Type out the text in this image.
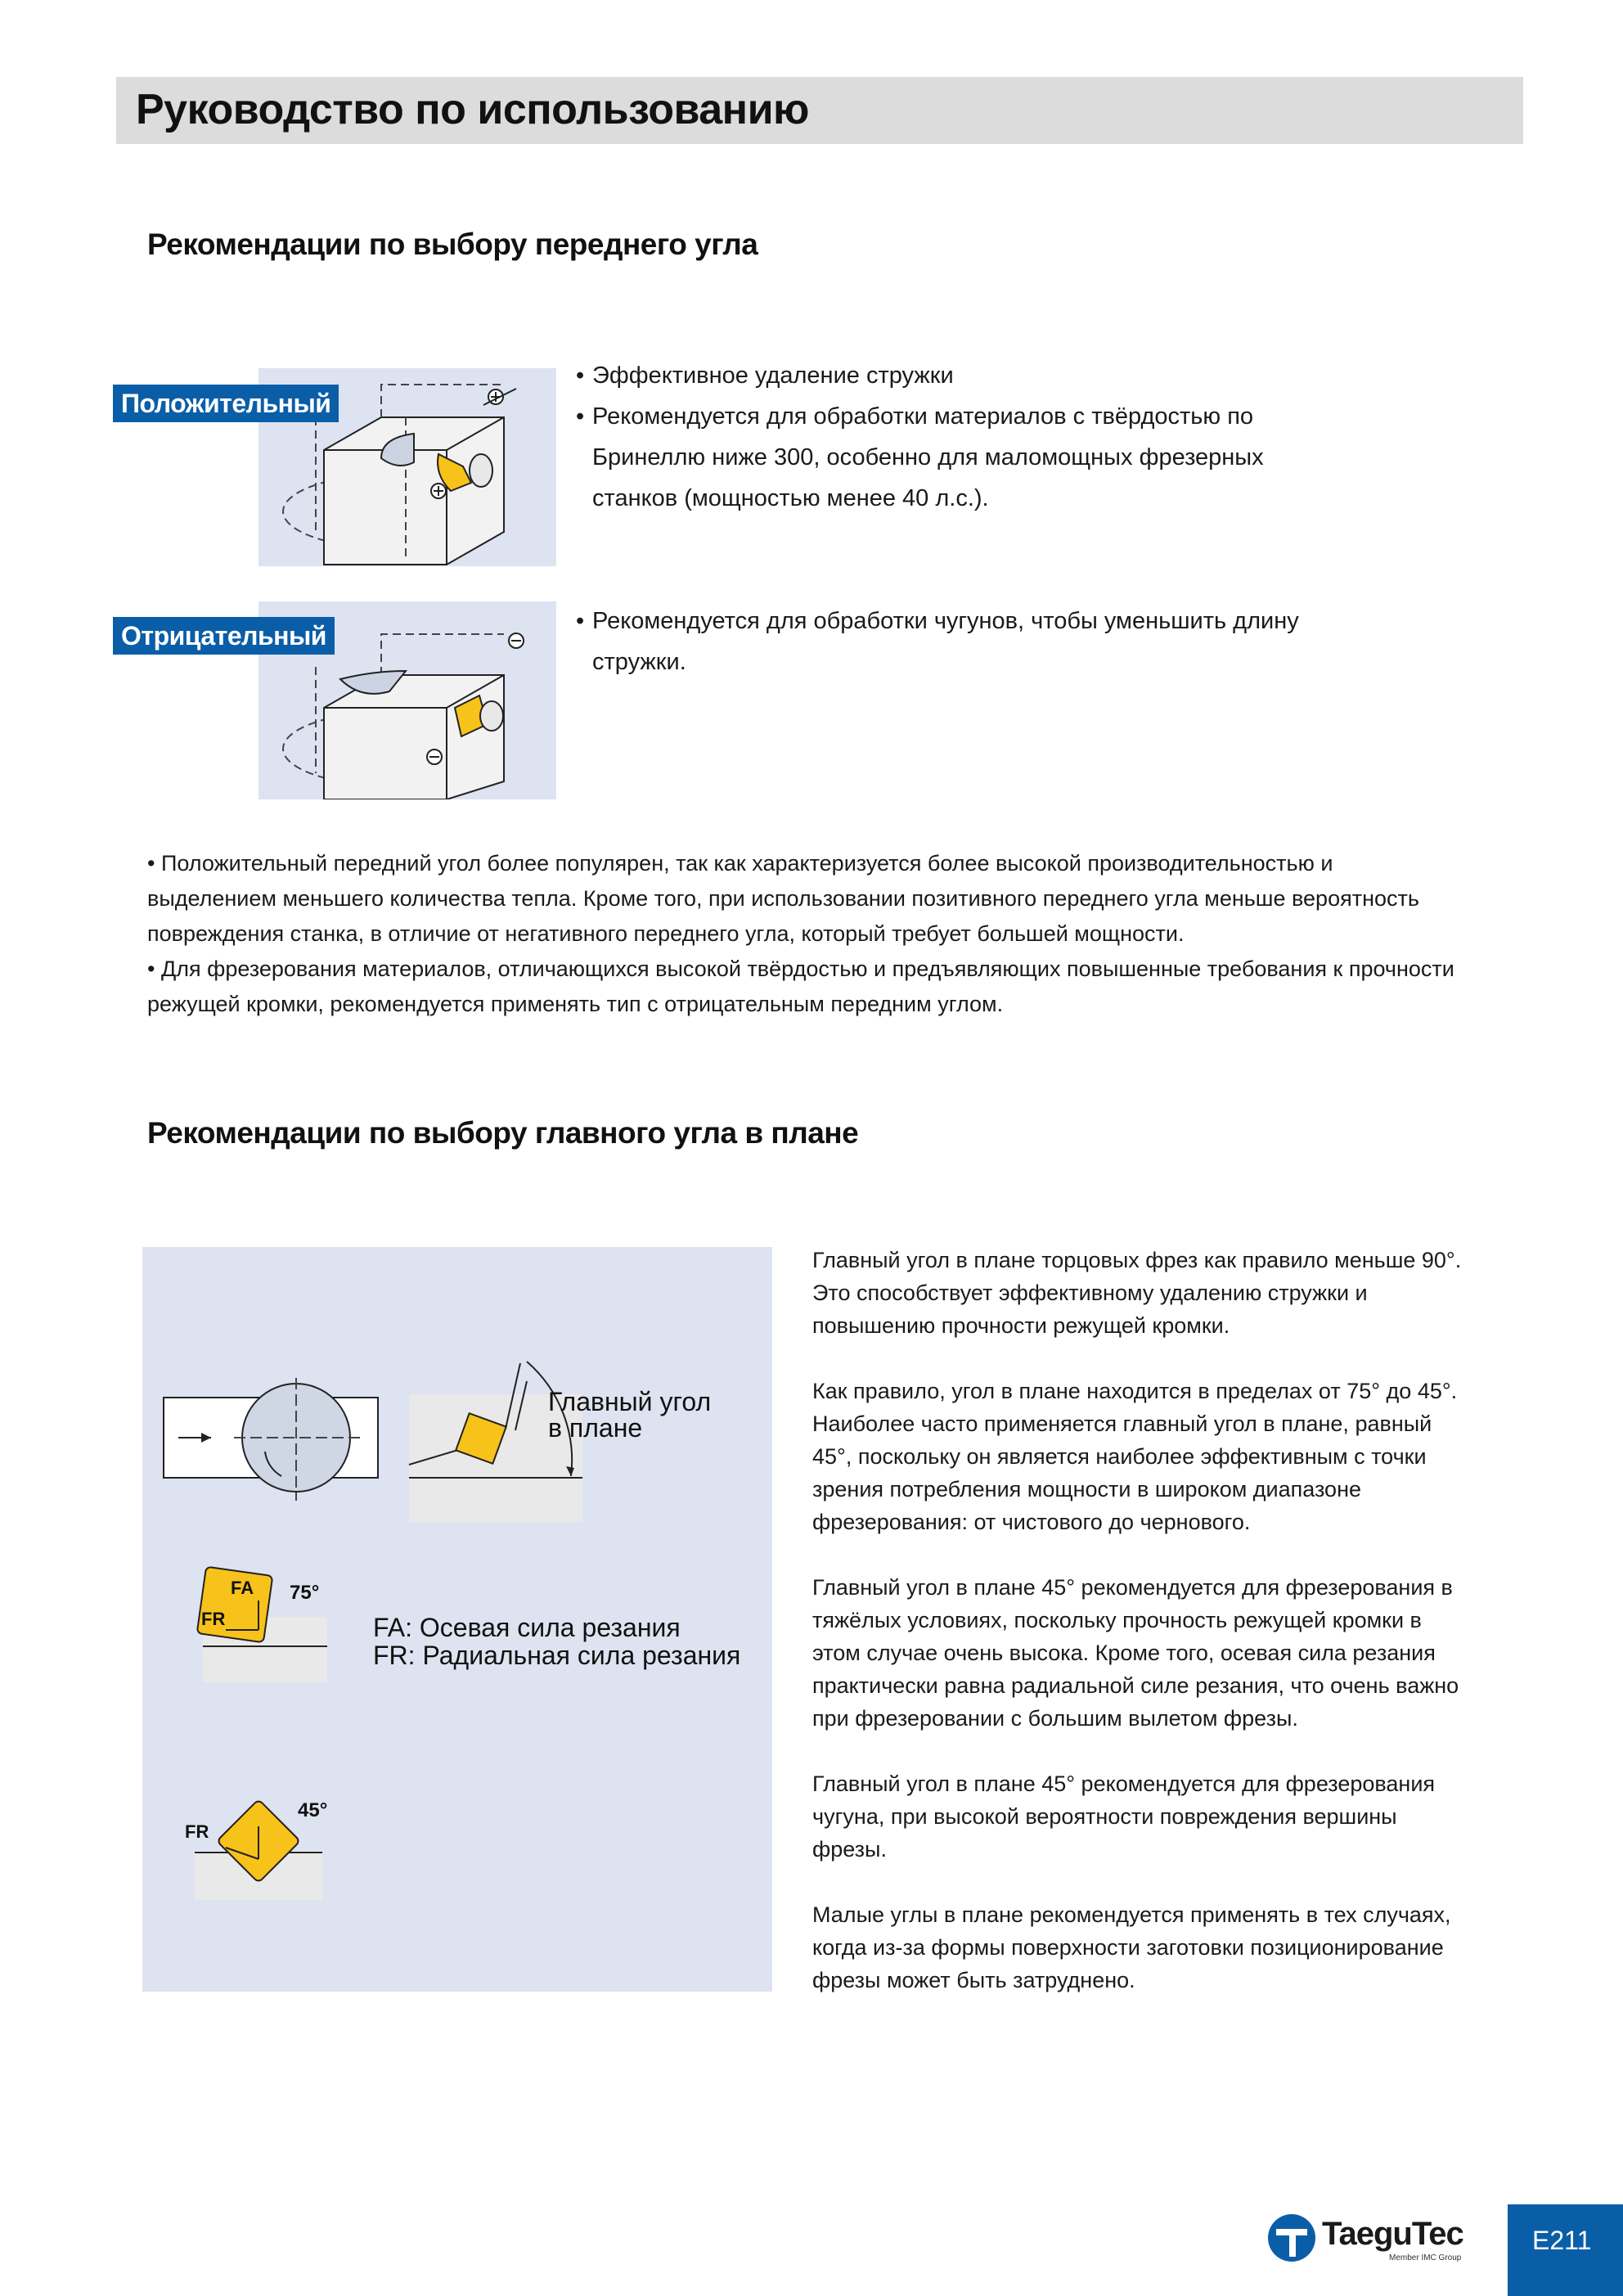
Руководство по использованию
Рекомендации по выбору переднего угла
Положительный
• Эффективное удаление стружки
• Рекомендуется для обработки материалов с твёрдостью по Бринеллю ниже 300, особенно для маломощных фрезерных станков (мощностью менее 40 л.с.).
Отрицательный
•	Рекомендуется для обработки чугунов, чтобы уменьшить длину стружки.
• Положительный передний угол более популярен, так как характеризуется более высокой производительностью и выделением меньшего количества тепла. Кроме того, при использовании позитивного переднего угла меньше вероятность повреждения станка, в отличие от негативного переднего угла, который требует большей мощности.
• Для фрезерования материалов, отличающихся высокой твёрдостью и предъявляющих повышенные требования к прочности режущей кромки, рекомендуется применять тип с отрицательным передним углом.
Рекомендации по выбору главного угла в плане
Главный угол
в плане
FA
FR
75°
FA: Осевая сила резания
FR: Радиальная сила резания
FR
45°

Главный угол в плане торцовых фрез как правило меньше 90°. Это способствует эффективному удалению стружки и повышению прочности режущей кромки.

Как правило, угол в плане находится в пределах от 75° до 45°. Наиболее часто применяется главный угол в плане, равный 45°, поскольку он является наиболее эффективным с точки зрения потребления мощности в широком диапазоне фрезерования: от чистового до чернового.

Главный угол в плане 45° рекомендуется для фрезерования в тяжёлых условиях, поскольку прочность режущей кромки в этом случае очень высока. Кроме того, осевая сила резания практически равна радиальной силе резания, что очень важно при фрезеровании с большим вылетом фрезы.

Главный угол в плане 45° рекомендуется для фрезерования чугуна, при высокой вероятности повреждения вершины фрезы.

Малые углы в плане рекомендуется применять в тех случаях, когда из-за формы поверхности заготовки позиционирование фрезы может быть затруднено.

TaeguTec
Member IMC Group
E211
